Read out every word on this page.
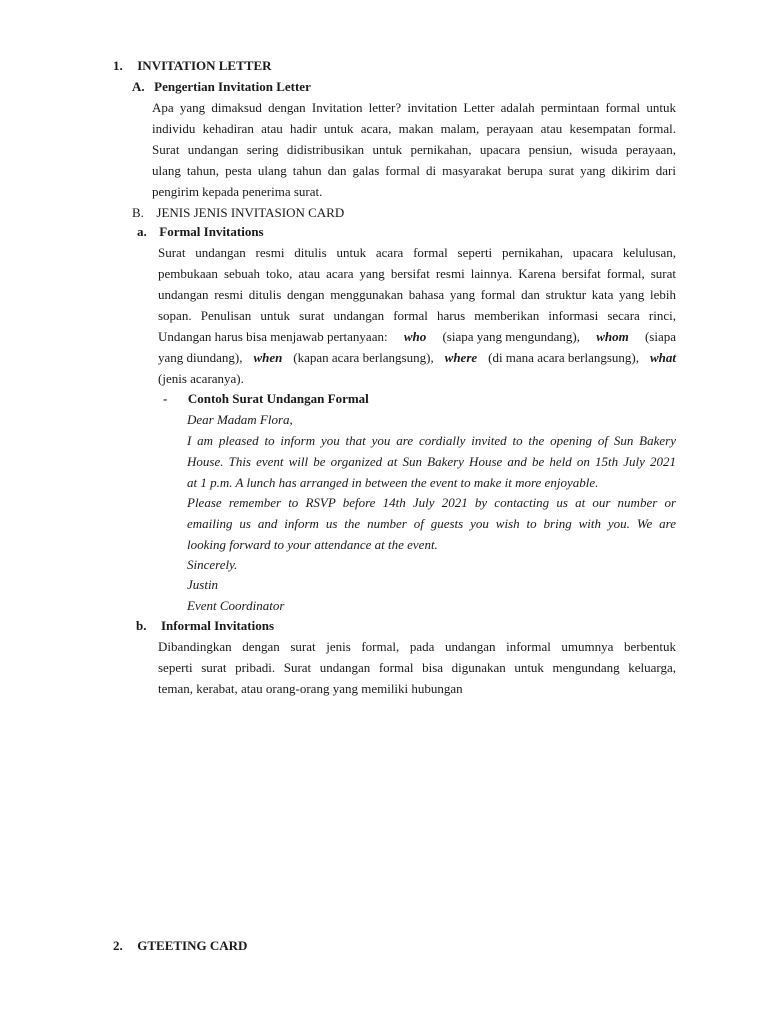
1. INVITATION LETTER
A. Pengertian Invitation Letter
Apa yang dimaksud dengan Invitation letter? invitation Letter adalah permintaan formal untuk
individu kehadiran atau hadir untuk acara, makan malam, perayaan atau kesempatan formal.
Surat undangan sering didistribusikan untuk pernikahan, upacara pensiun, wisuda perayaan,
ulang tahun, pesta ulang tahun dan galas formal di masyarakat berupa surat yang dikirim dari
pengirim kepada penerima surat.
B. JENIS JENIS INVITASION CARD
a. Formal Invitations
Surat undangan resmi ditulis untuk acara formal seperti pernikahan, upacara kelulusan,
pembukaan sebuah toko, atau acara yang bersifat resmi lainnya. Karena bersifat formal, surat
undangan resmi ditulis dengan menggunakan bahasa yang formal dan struktur kata yang lebih
sopan. Penulisan untuk surat undangan formal harus memberikan informasi secara rinci,
Undangan harus bisa menjawab pertanyaan: who (siapa yang mengundang), whom (siapa
yang diundang), when (kapan acara berlangsung), where (di mana acara berlangsung), what
(jenis acaranya).
- Contoh Surat Undangan Formal
Dear Madam Flora,
I am pleased to inform you that you are cordially invited to the opening of Sun Bakery
House. This event will be organized at Sun Bakery House and be held on 15th July 2021
at 1 p.m. A lunch has arranged in between the event to make it more enjoyable.
Please remember to RSVP before 14th July 2021 by contacting us at our number or
emailing us and inform us the number of guests you wish to bring with you. We are
looking forward to your attendance at the event.
Sincerely.
Justin
Event Coordinator
b. Informal Invitations
Dibandingkan dengan surat jenis formal, pada undangan informal umumnya berbentuk
seperti surat pribadi. Surat undangan formal bisa digunakan untuk mengundang keluarga,
teman, kerabat, atau orang-orang yang memiliki hubungan
2. GTEETING CARD
